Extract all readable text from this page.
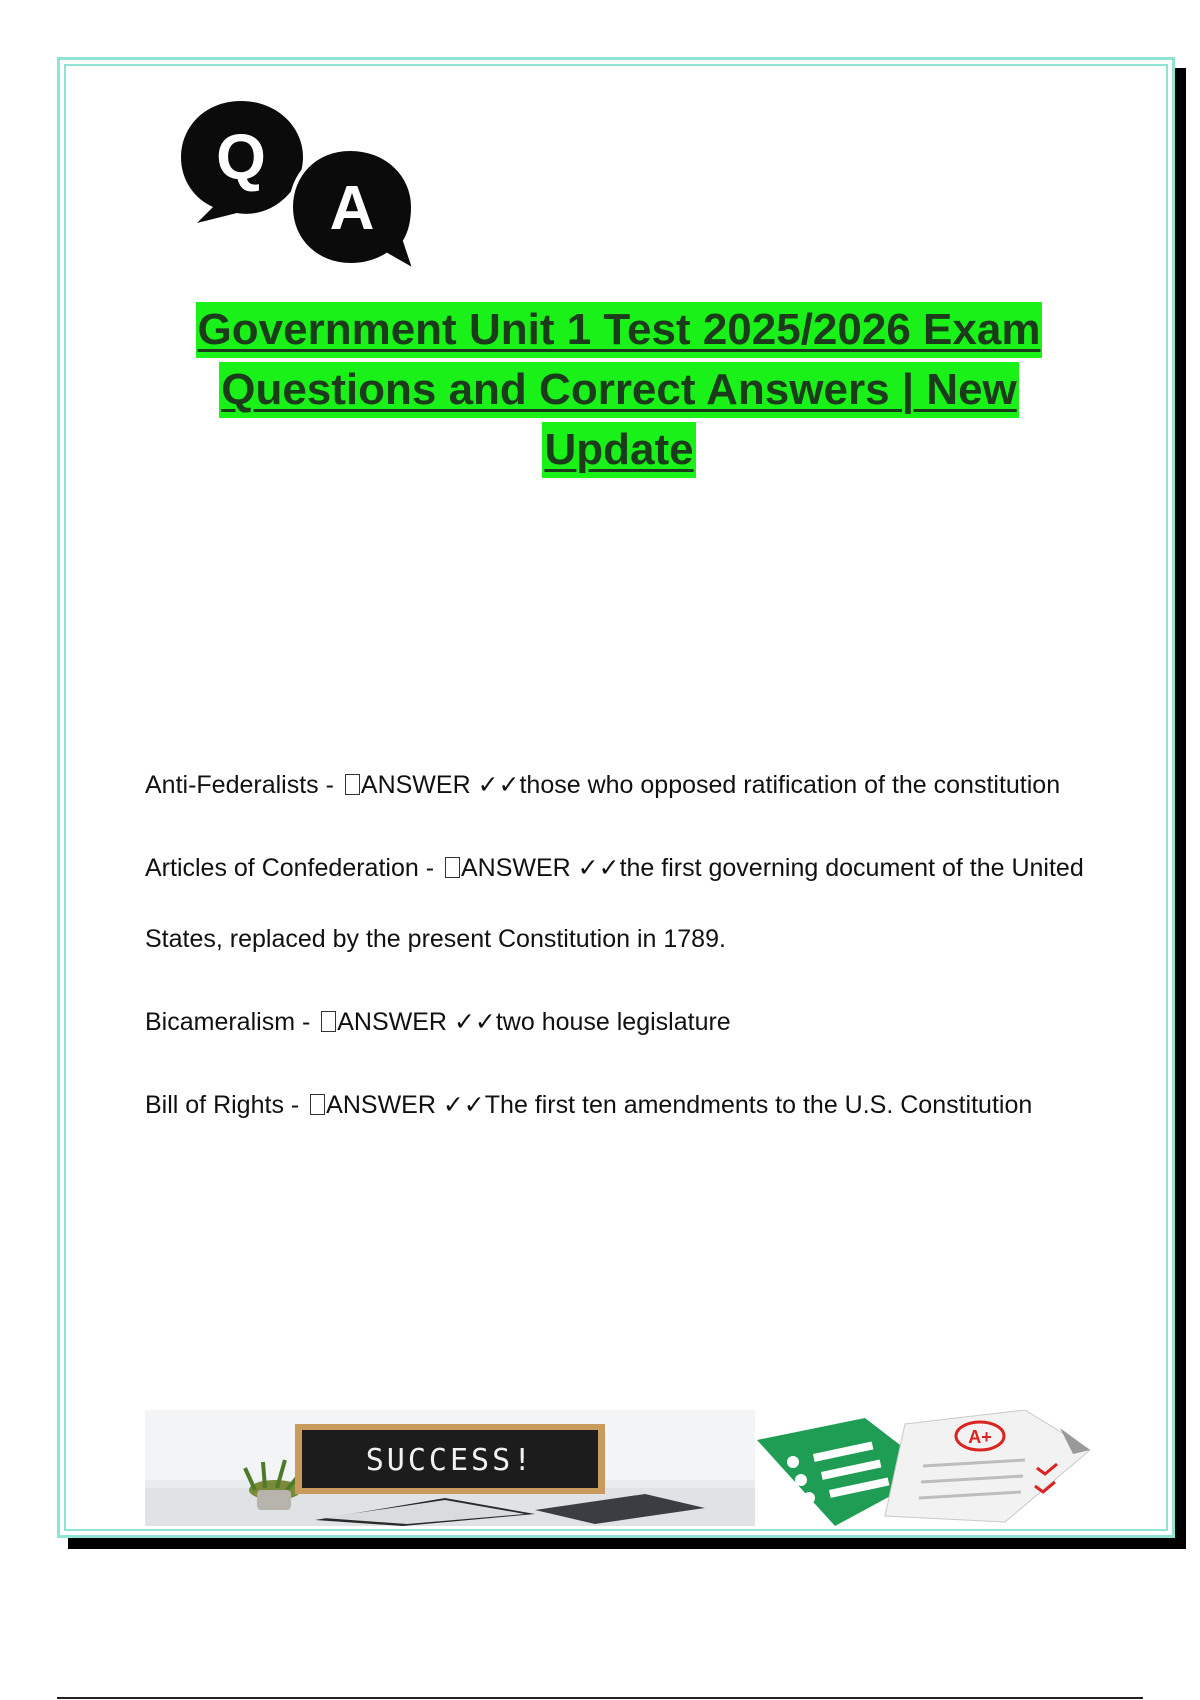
Q
A
Government Unit 1 Test 2025/2026 Exam
Questions and Correct Answers | New
Update
Anti-Federalists - ANSWER ✓✓those who opposed ratification of the constitution
Articles of Confederation - ANSWER ✓✓the first governing document of the United States, replaced by the present Constitution in 1789.
Bicameralism - ANSWER ✓✓two house legislature
Bill of Rights - ANSWER ✓✓The first ten amendments to the U.S. Constitution
SUCCESS!
A+
